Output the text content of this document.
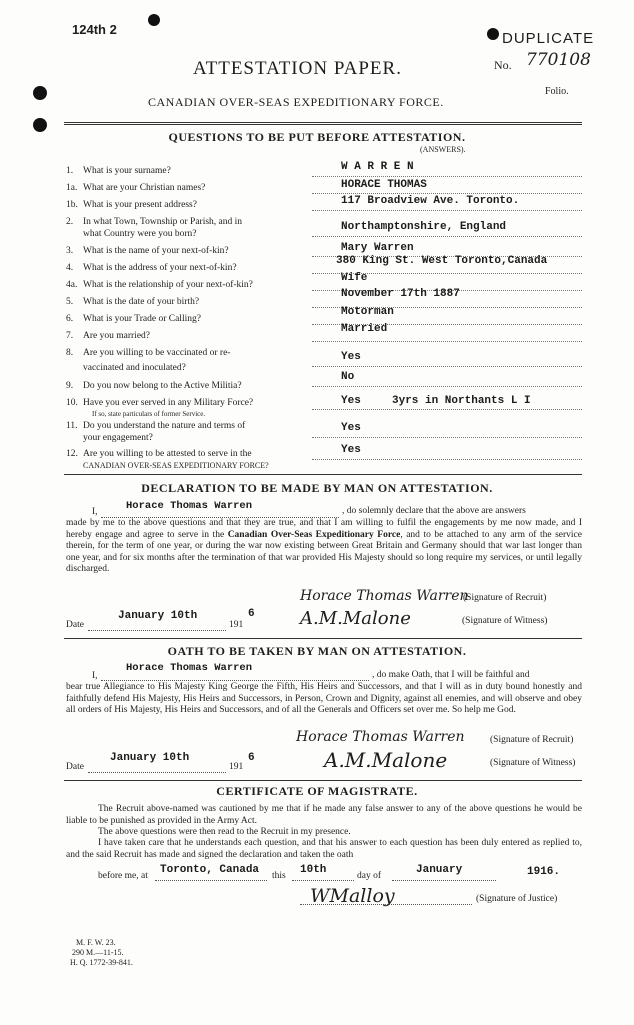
124th 2
DUPLICATE
No. 770108
Folio.
ATTESTATION PAPER.
CANADIAN OVER-SEAS EXPEDITIONARY FORCE.
QUESTIONS TO BE PUT BEFORE ATTESTATION.
(ANSWERS).
1. What is your surname?	W A R R E N
1a. What are your Christian names?	HORACE THOMAS
1b. What is your present address?	117 Broadview Ave. Toronto.
2. In what Town, Township or Parish, and in
what Country were you born?
Northamptonshire, England
3. What is the name of your next-of-kin?	Mary Warren
4. What is the address of your next-of-kin?
380 King St. West Toronto,Canada
4a. What is the relationship of your next-of-kin?
Wife
5. What is the date of your birth?
November 17th 1887
6. What is your Trade or Calling?
Motorman
7. Are you married?
Married
8. Are you willing to be vaccinated or re-
vaccinated and inoculated?
Yes
9. Do you now belong to the Active Militia?
No
10. Have you ever served in any Military Force?
If so, state particulars of former Service.
Yes	3yrs in Northants L I
11. Do you understand the nature and terms of
your engagement?
Yes
12. Are you willing to be attested to serve in the
CANADIAN OVER-SEAS EXPEDITIONARY FORCE?
Yes
DECLARATION TO BE MADE BY MAN ON ATTESTATION.
I,	Horace Thomas Warren	, do solemnly declare that the above are answers
made by me to the above questions and that they are true, and that I am willing to fulfil the engagements by me now made, and I hereby engage and agree to serve in the Canadian Over-Seas Expeditionary Force, and to be attached to any arm of the service therein, for the term of one year, or during the war now existing between Great Britain and Germany should that war last longer than one year, and for six months after the termination of that war provided His Majesty should so long require my services, or until legally discharged.
Horace Thomas Warren
(Signature of Recruit)
Date
January 10th
191
6	A.M.Malone	(Signature of Witness)
OATH TO BE TAKEN BY MAN ON ATTESTATION.
I,
Horace Thomas Warren
, do make Oath, that I will be faithful and
bear true Allegiance to His Majesty King George the Fifth, His Heirs and Successors, and that I will as in duty bound honestly and faithfully defend His Majesty, His Heirs and Successors, in Person, Crown and Dignity, against all enemies, and will observe and obey all orders of His Majesty, His Heirs and Successors, and of all the Generals and Officers set over me. So help me God.
Horace Thomas Warren	(Signature of Recruit)
Date
January 10th
191
6	A.M.Malone	(Signature of Witness)
CERTIFICATE OF MAGISTRATE.
The Recruit above-named was cautioned by me that if he made any false answer to any of the above questions he would be liable to be punished as provided in the Army Act.
The above questions were then read to the Recruit in my presence.
I have taken care that he understands each question, and that his answer to each question has been duly entered as replied to, and the said Recruit has made and signed the declaration and taken the oath
before me, at Toronto, Canada this 10th	day of	January	1916.
WMalloy	(Signature of Justice)
M. F. W. 23.
290 M.—11-15.
H. Q. 1772-39-841.
